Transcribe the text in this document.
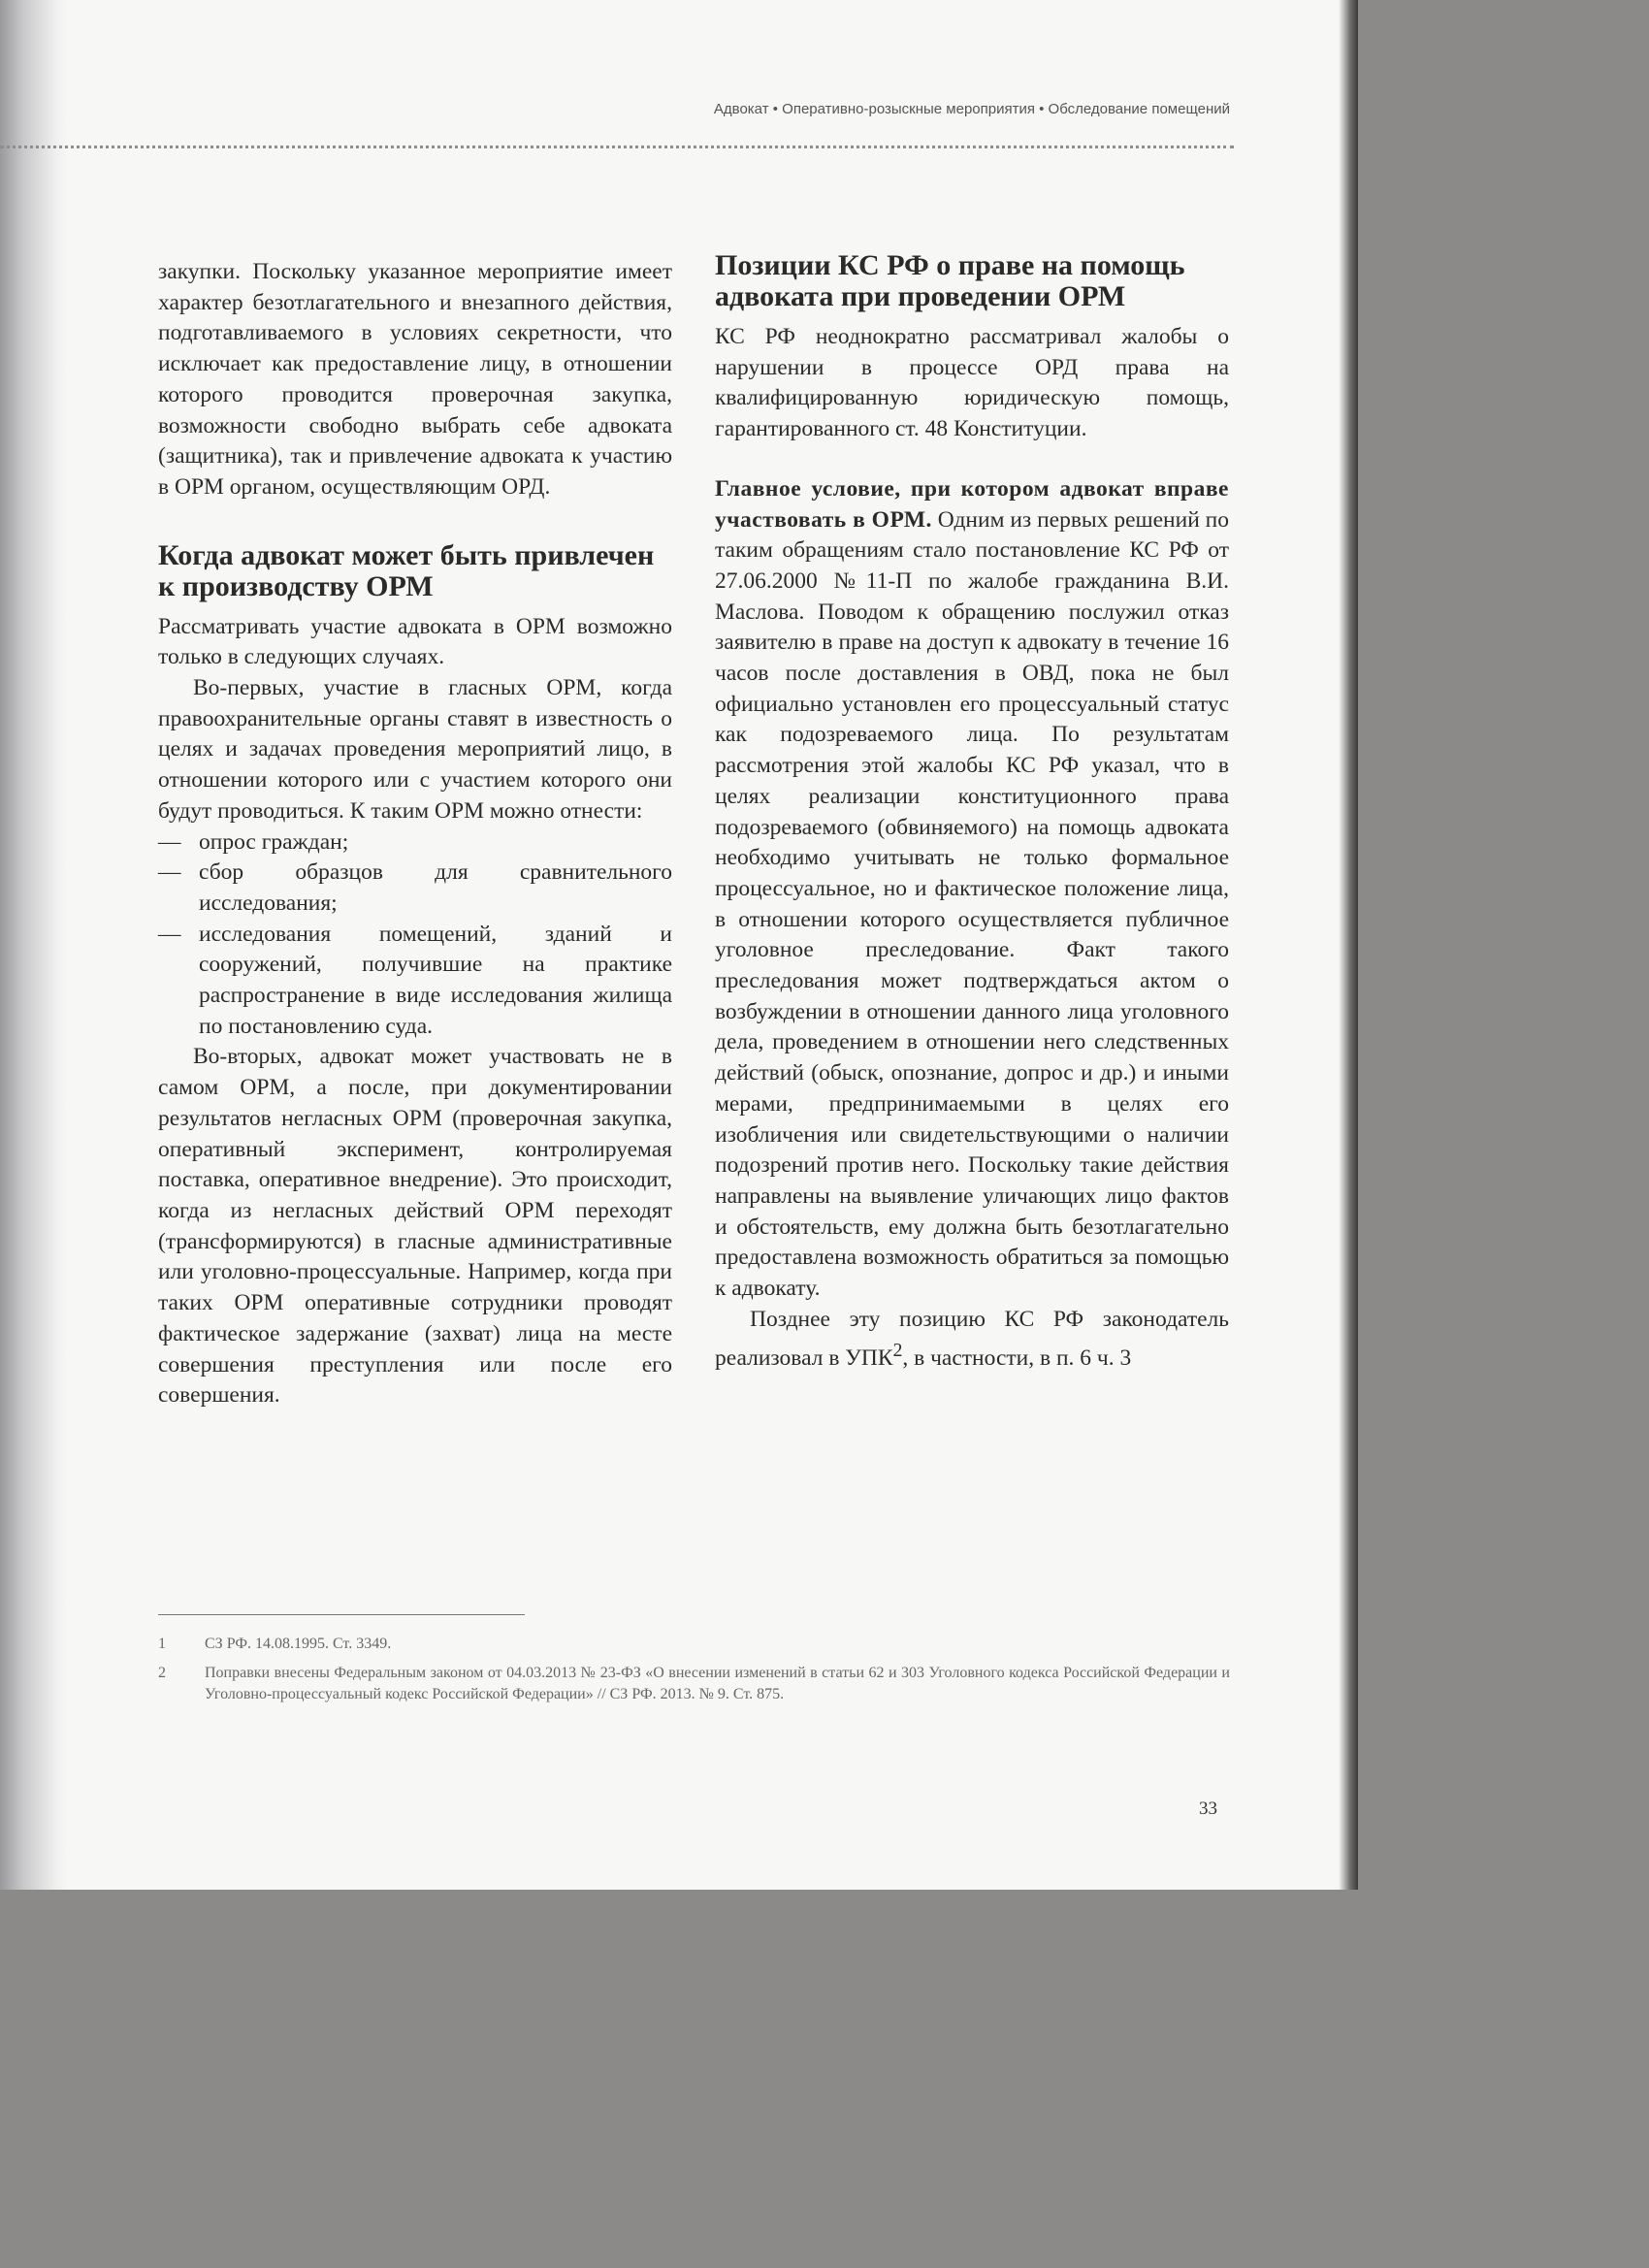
Адвокат • Оперативно-розыскные мероприятия • Обследование помещений

закупки. Поскольку указанное мероприятие имеет характер безотлагательного и внезапного действия, подготавливаемого в условиях секретности, что исключает как предоставление лицу, в отношении которого проводится проверочная закупка, возможности свободно выбрать себе адвоката (защитника), так и привлечение адвоката к участию в ОРМ органом, осуществляющим ОРД.

Когда адвокат может быть привлечен к производству ОРМ

Рассматривать участие адвоката в ОРМ возможно только в следующих случаях.

Во-первых, участие в гласных ОРМ, когда правоохранительные органы ставят в известность о целях и задачах проведения мероприятий лицо, в отношении которого или с участием которого они будут проводиться. К таким ОРМ можно отнести:

— опрос граждан;
— сбор образцов для сравнительного исследования;
— исследования помещений, зданий и сооружений, получившие на практике распространение в виде исследования жилища по постановлению суда.

Во-вторых, адвокат может участвовать не в самом ОРМ, а после, при документировании результатов негласных ОРМ (проверочная закупка, оперативный эксперимент, контролируемая поставка, оперативное внедрение). Это происходит, когда из негласных действий ОРМ переходят (трансформируются) в гласные административные или уголовно-процессуальные. Например, когда при таких ОРМ оперативные сотрудники проводят фактическое задержание (захват) лица на месте совершения преступления или после его совершения.

Позиции КС РФ о праве на помощь адвоката при проведении ОРМ

КС РФ неоднократно рассматривал жалобы о нарушении в процессе ОРД права на квалифицированную юридическую помощь, гарантированного ст. 48 Конституции.

Главное условие, при котором адвокат вправе участвовать в ОРМ. Одним из первых решений по таким обращениям стало постановление КС РФ от 27.06.2000 №11-П по жалобе гражданина В.И. Маслова. Поводом к обращению послужил отказ заявителю в праве на доступ к адвокату в течение 16 часов после доставления в ОВД, пока не был официально установлен его процессуальный статус как подозреваемого лица. По результатам рассмотрения этой жалобы КС РФ указал, что в целях реализации конституционного права подозреваемого (обвиняемого) на помощь адвоката необходимо учитывать не только формальное процессуальное, но и фактическое положение лица, в отношении которого осуществляется публичное уголовное преследование. Факт такого преследования может подтверждаться актом о возбуждении в отношении данного лица уголовного дела, проведением в отношении него следственных действий (обыск, опознание, допрос и др.) и иными мерами, предпринимаемыми в целях его изобличения или свидетельствующими о наличии подозрений против него. Поскольку такие действия направлены на выявление уличающих лицо фактов и обстоятельств, ему должна быть безотлагательно предоставлена возможность обратиться за помощью к адвокату.

Позднее эту позицию КС РФ законодатель реализовал в УПК$^2$, в частности, в п. 6 ч. 3

1	СЗ РФ. 14.08.1995. Ст. 3349.
2	Поправки внесены Федеральным законом от 04.03.2013 № 23-ФЗ «О внесении изменений в статьи 62 и 303 Уголовного кодекса Российской Федерации и Уголовно-процессуальный кодекс Российской Федерации» // СЗ РФ. 2013. № 9. Ст. 875.
33
